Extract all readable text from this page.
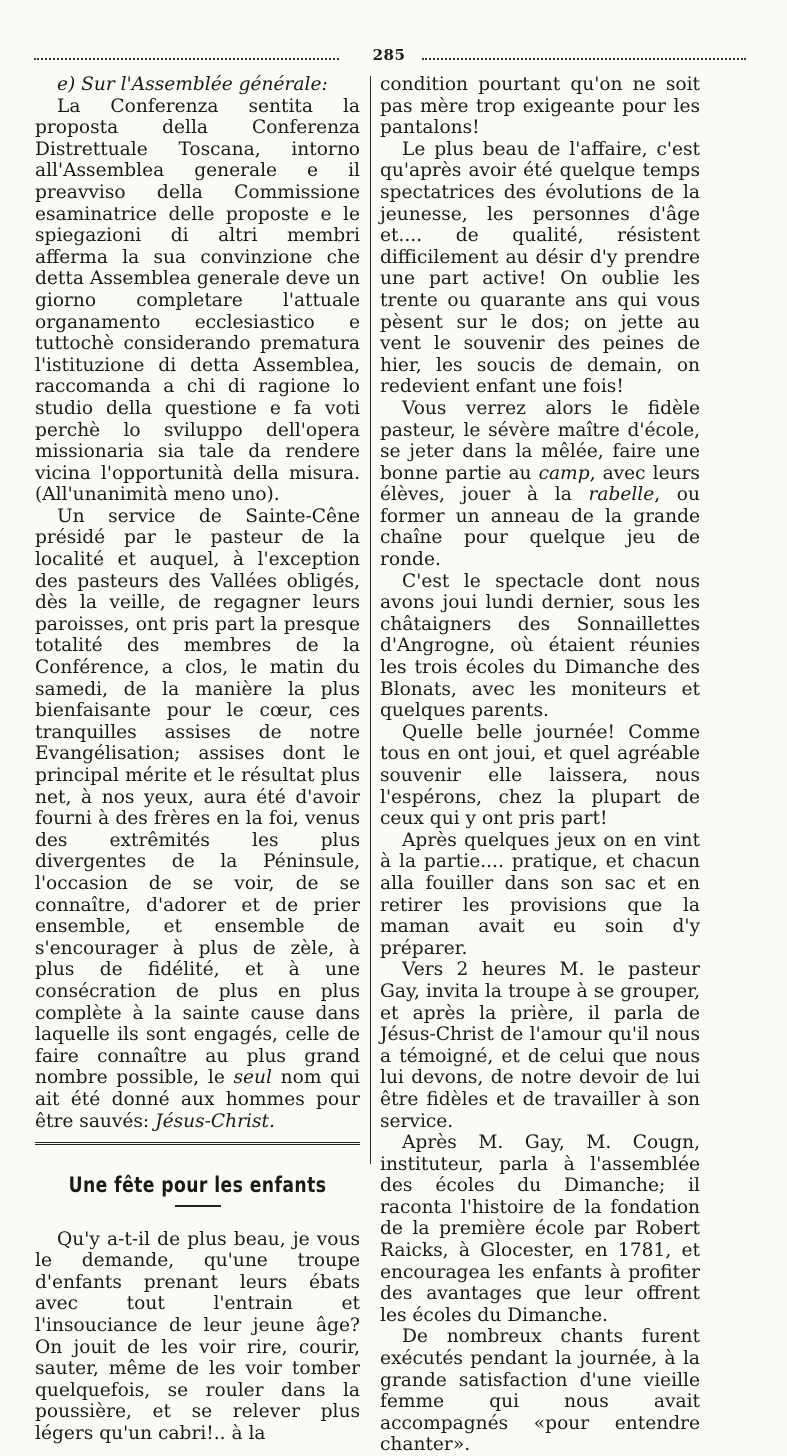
285

e) Sur l'Assemblée générale:

La Conferenza sentita la proposta della Conferenza Distrettuale Toscana, intorno all'Assemblea generale e il preavviso della Commissione esaminatrice delle proposte e le spiegazioni di altri membri afferma la sua convinzione che detta Assemblea generale deve un giorno completare l'attuale organamento ecclesiastico e tuttochè considerando prematura l'istituzione di detta Assemblea, raccomanda a chi di ragione lo studio della questione e fa voti perchè lo sviluppo dell'opera missionaria sia tale da rendere vicina l'opportunità della misura. (All'unanimità meno uno).

Un service de Sainte-Cêne présidé par le pasteur de la localité et auquel, à l'exception des pasteurs des Vallées obligés, dès la veille, de regagner leurs paroisses, ont pris part la presque totalité des membres de la Conférence, a clos, le matin du samedi, de la manière la plus bienfaisante pour le cœur, ces tranquilles assises de notre Evangélisation; assises dont le principal mérite et le résultat plus net, à nos yeux, aura été d'avoir fourni à des frères en la foi, venus des extrêmités les plus divergentes de la Péninsule, l'occasion de se voir, de se connaître, d'adorer et de prier ensemble, et ensemble de s'encourager à plus de zèle, à plus de fidélité, et à une consécration de plus en plus complète à la sainte cause dans laquelle ils sont engagés, celle de faire connaître au plus grand nombre possible, le seul nom qui ait été donné aux hommes pour être sauvés: Jésus-Christ.

Une fête pour les enfants

Qu'y a-t-il de plus beau, je vous le demande, qu'une troupe d'enfants prenant leurs ébats avec tout l'entrain et l'insouciance de leur jeune âge? On jouit de les voir rire, courir, sauter, même de les voir tomber quelquefois, se rouler dans la poussière, et se relever plus légers qu'un cabri!.. à la

condition pourtant qu'on ne soit pas mère trop exigeante pour les pantalons!

Le plus beau de l'affaire, c'est qu'après avoir été quelque temps spectatrices des évolutions de la jeunesse, les personnes d'âge et.... de qualité, résistent difficilement au désir d'y prendre une part active! On oublie les trente ou quarante ans qui vous pèsent sur le dos; on jette au vent le souvenir des peines de hier, les soucis de demain, on redevient enfant une fois!

Vous verrez alors le fidèle pasteur, le sévère maître d'école, se jeter dans la mêlée, faire une bonne partie au camp, avec leurs élèves, jouer à la rabelle, ou former un anneau de la grande chaîne pour quelque jeu de ronde.

C'est le spectacle dont nous avons joui lundi dernier, sous les châtaigners des Sonnaillettes d'Angrogne, où étaient réunies les trois écoles du Dimanche des Blonats, avec les moniteurs et quelques parents.

Quelle belle journée! Comme tous en ont joui, et quel agréable souvenir elle laissera, nous l'espérons, chez la plupart de ceux qui y ont pris part!

Après quelques jeux on en vint à la partie.... pratique, et chacun alla fouiller dans son sac et en retirer les provisions que la maman avait eu soin d'y préparer.

Vers 2 heures M. le pasteur Gay, invita la troupe à se grouper, et après la prière, il parla de Jésus-Christ de l'amour qu'il nous a témoigné, et de celui que nous lui devons, de notre devoir de lui être fidèles et de travailler à son service.

Après M. Gay, M. Cougn, instituteur, parla à l'assemblée des écoles du Dimanche; il raconta l'histoire de la fondation de la première école par Robert Raicks, à Glocester, en 1781, et encouragea les enfants à profiter des avantages que leur offrent les écoles du Dimanche.

De nombreux chants furent exécutés pendant la journée, à la grande satisfaction d'une vieille femme qui nous avait accompagnés «pour entendre chanter».
